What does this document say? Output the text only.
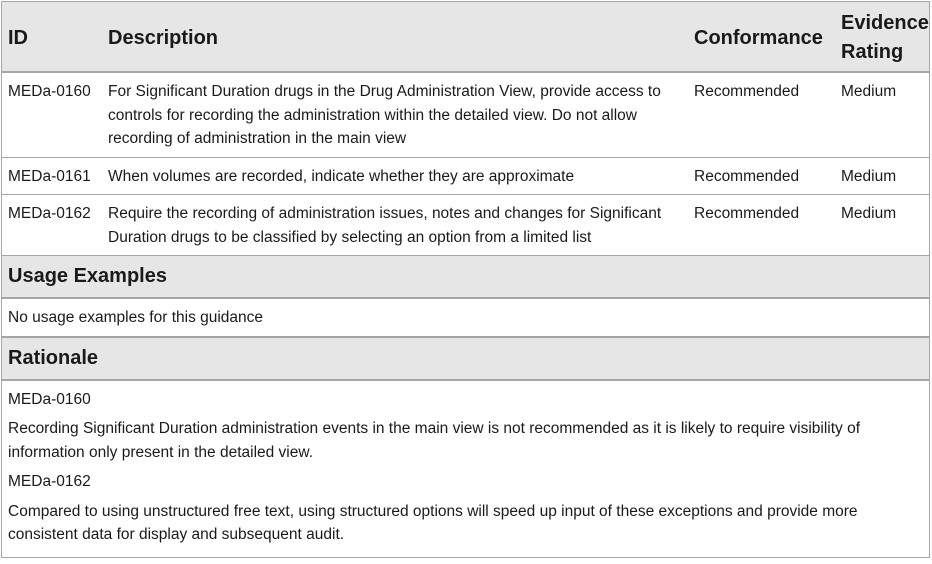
ID	Description	Conformance	Evidence
Rating
MEDa-0160	For Significant Duration drugs in the Drug Administration View, provide access to controls for recording the administration within the detailed view. Do not allow recording of administration in the main view	Recommended	Medium
MEDa-0161	When volumes are recorded, indicate whether they are approximate	Recommended	Medium
MEDa-0162	Require the recording of administration issues, notes and changes for Significant Duration drugs to be classified by selecting an option from a limited list	Recommended	Medium
Usage Examples
No usage examples for this guidance
Rationale

MEDa-0160

Recording Significant Duration administration events in the main view is not recommended as it is likely to require visibility of information only present in the detailed view.

MEDa-0162

Compared to using unstructured free text, using structured options will speed up input of these exceptions and provide more consistent data for display and subsequent audit.
